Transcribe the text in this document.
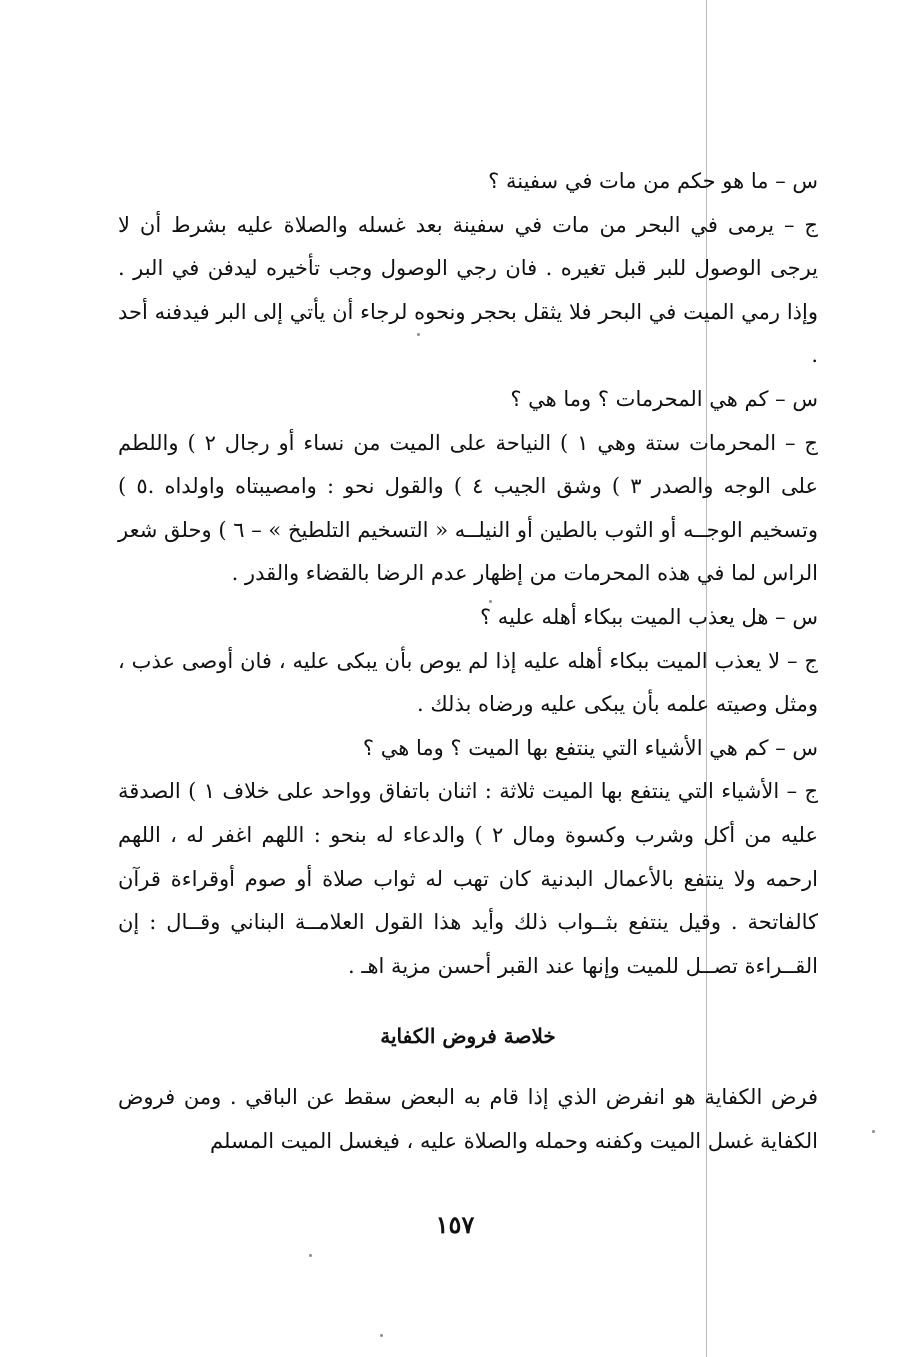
س – ما هو حكم من مات في سفينة ؟

ج – يرمى في البحر من مات في سفينة بعد غسله والصلاة عليه بشرط أن لا يرجى الوصول للبر قبل تغيره . فان رجي الوصول وجب تأخيره ليدفن في البر . وإذا رمي الميت في البحر فلا يثقل بحجر ونحوه لرجاء أن يأتي إلى البر فيدفنه أحد .

س – كم هي المحرمات ؟ وما هي ؟

ج – المحرمات ستة وهي ١ ) النياحة على الميت من نساء أو رجال ٢ ) واللطم على الوجه والصدر ٣ ) وشق الجيب ٤ ) والقول نحو : وامصيبتاه واولداه .٥ ) وتسخيم الوجــه أو الثوب بالطين أو النيلــه « التسخيم التلطيخ » – ٦ ) وحلق شعر الراس لما في هذه المحرمات من إظهار عدم الرضا بالقضاء والقدر .

س – هل يعذب الميت ببكاء أهله عليه ؟

ج – لا يعذب الميت ببكاء أهله عليه إذا لم يوص بأن يبكى عليه ، فان أوصى عذب ، ومثل وصيته علمه بأن يبكى عليه ورضاه بذلك .

س – كم هي الأشياء التي ينتفع بها الميت ؟ وما هي ؟

ج – الأشياء التي ينتفع بها الميت ثلاثة : اثنان باتفاق وواحد على خلاف ١ ) الصدقة عليه من أكل وشرب وكسوة ومال ٢ ) والدعاء له بنحو : اللهم اغفر له ، اللهم ارحمه ولا ينتفع بالأعمال البدنية كان تهب له ثواب صلاة أو صوم أوقراءة قرآن كالفاتحة . وقيل ينتفع بثــواب ذلك وأيد هذا القول العلامــة البناني وقــال : إن القــراءة تصــل للميت وإنها عند القبر أحسن مزية اهـ .

خلاصة فروض الكفاية

فرض الكفاية هو انفرض الذي إذا قام به البعض سقط عن الباقي . ومن فروض الكفاية غسل الميت وكفنه وحمله والصلاة عليه ، فيغسل الميت المسلم

١٥٧
